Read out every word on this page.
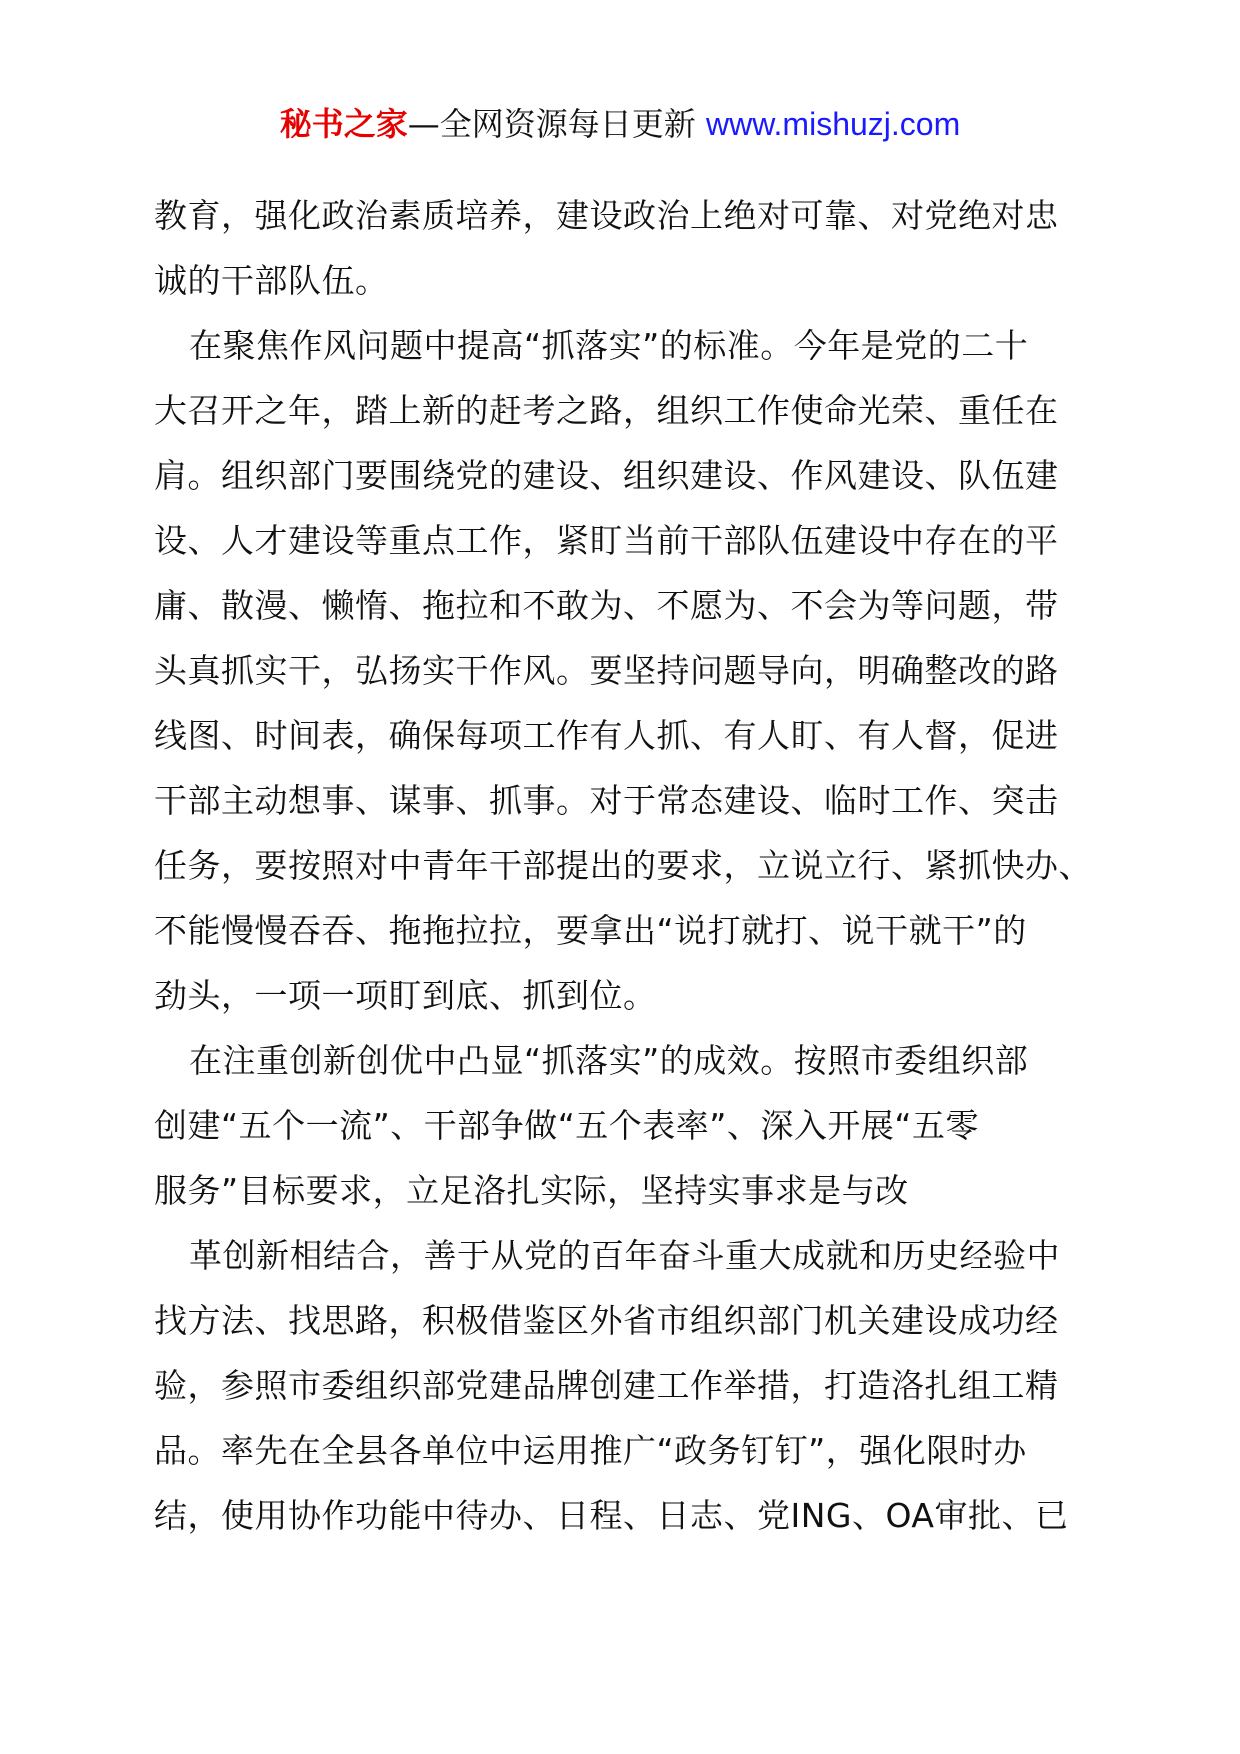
秘书之家—全网资源每日更新 www.mishuzj.com
教育，强化政治素质培养，建设政治上绝对可靠、对党绝对忠
诚的干部队伍。
在聚焦作风问题中提高“抓落实”的标准。今年是党的二十
大召开之年，踏上新的赶考之路，组织工作使命光荣、重任在
肩。组织部门要围绕党的建设、组织建设、作风建设、队伍建
设、人才建设等重点工作，紧盯当前干部队伍建设中存在的平
庸、散漫、懒惰、拖拉和不敢为、不愿为、不会为等问题，带
头真抓实干，弘扬实干作风。要坚持问题导向，明确整改的路
线图、时间表，确保每项工作有人抓、有人盯、有人督，促进
干部主动想事、谋事、抓事。对于常态建设、临时工作、突击
任务，要按照对中青年干部提出的要求，立说立行、紧抓快办、
不能慢慢吞吞、拖拖拉拉，要拿出“说打就打、说干就干”的
劲头，一项一项盯到底、抓到位。
在注重创新创优中凸显“抓落实”的成效。按照市委组织部
创建“五个一流”、干部争做“五个表率”、深入开展“五零
服务”目标要求，立足洛扎实际，坚持实事求是与改
革创新相结合，善于从党的百年奋斗重大成就和历史经验中
找方法、找思路，积极借鉴区外省市组织部门机关建设成功经
验，参照市委组织部党建品牌创建工作举措，打造洛扎组工精
品。率先在全县各单位中运用推广“政务钉钉”，强化限时办
结，使用协作功能中待办、日程、日志、党ING、OA审批、已
